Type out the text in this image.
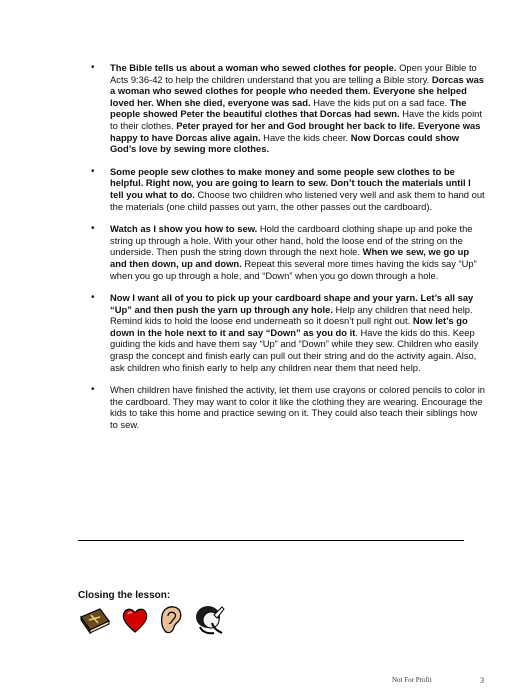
• The Bible tells us about a woman who sewed clothes for people. Open your Bible to Acts 9:36-42 to help the children understand that you are telling a Bible story. Dorcas was a woman who sewed clothes for people who needed them. Everyone she helped loved her. When she died, everyone was sad. Have the kids put on a sad face. The people showed Peter the beautiful clothes that Dorcas had sewn. Have the kids point to their clothes. Peter prayed for her and God brought her back to life. Everyone was happy to have Dorcas alive again. Have the kids cheer. Now Dorcas could show God’s love by sewing more clothes.
• Some people sew clothes to make money and some people sew clothes to be helpful. Right now, you are going to learn to sew. Don’t touch the materials until I tell you what to do. Choose two children who listened very well and ask them to hand out the materials (one child passes out yarn, the other passes out the cardboard).
• Watch as I show you how to sew. Hold the cardboard clothing shape up and poke the string up through a hole. With your other hand, hold the loose end of the string on the underside. Then push the string down through the next hole. When we sew, we go up and then down, up and down. Repeat this several more times having the kids say “Up” when you go up through a hole, and “Down” when you go down through a hole.
• Now I want all of you to pick up your cardboard shape and your yarn. Let’s all say “Up” and then push the yarn up through any hole. Help any children that need help. Remind kids to hold the loose end underneath so it doesn’t pull right out. Now let’s go down in the hole next to it and say “Down” as you do it. Have the kids do this. Keep guiding the kids and have them say “Up” and “Down” while they sew. Children who easily grasp the concept and finish early can pull out their string and do the activity again. Also, ask children who finish early to help any children near them that need help.
• When children have finished the activity, let them use crayons or colored pencils to color in the cardboard. They may want to color it like the clothing they are wearing. Encourage the kids to take this home and practice sewing on it. They could also teach their siblings how to sew.
Closing the lesson:
Not For Profit	3
